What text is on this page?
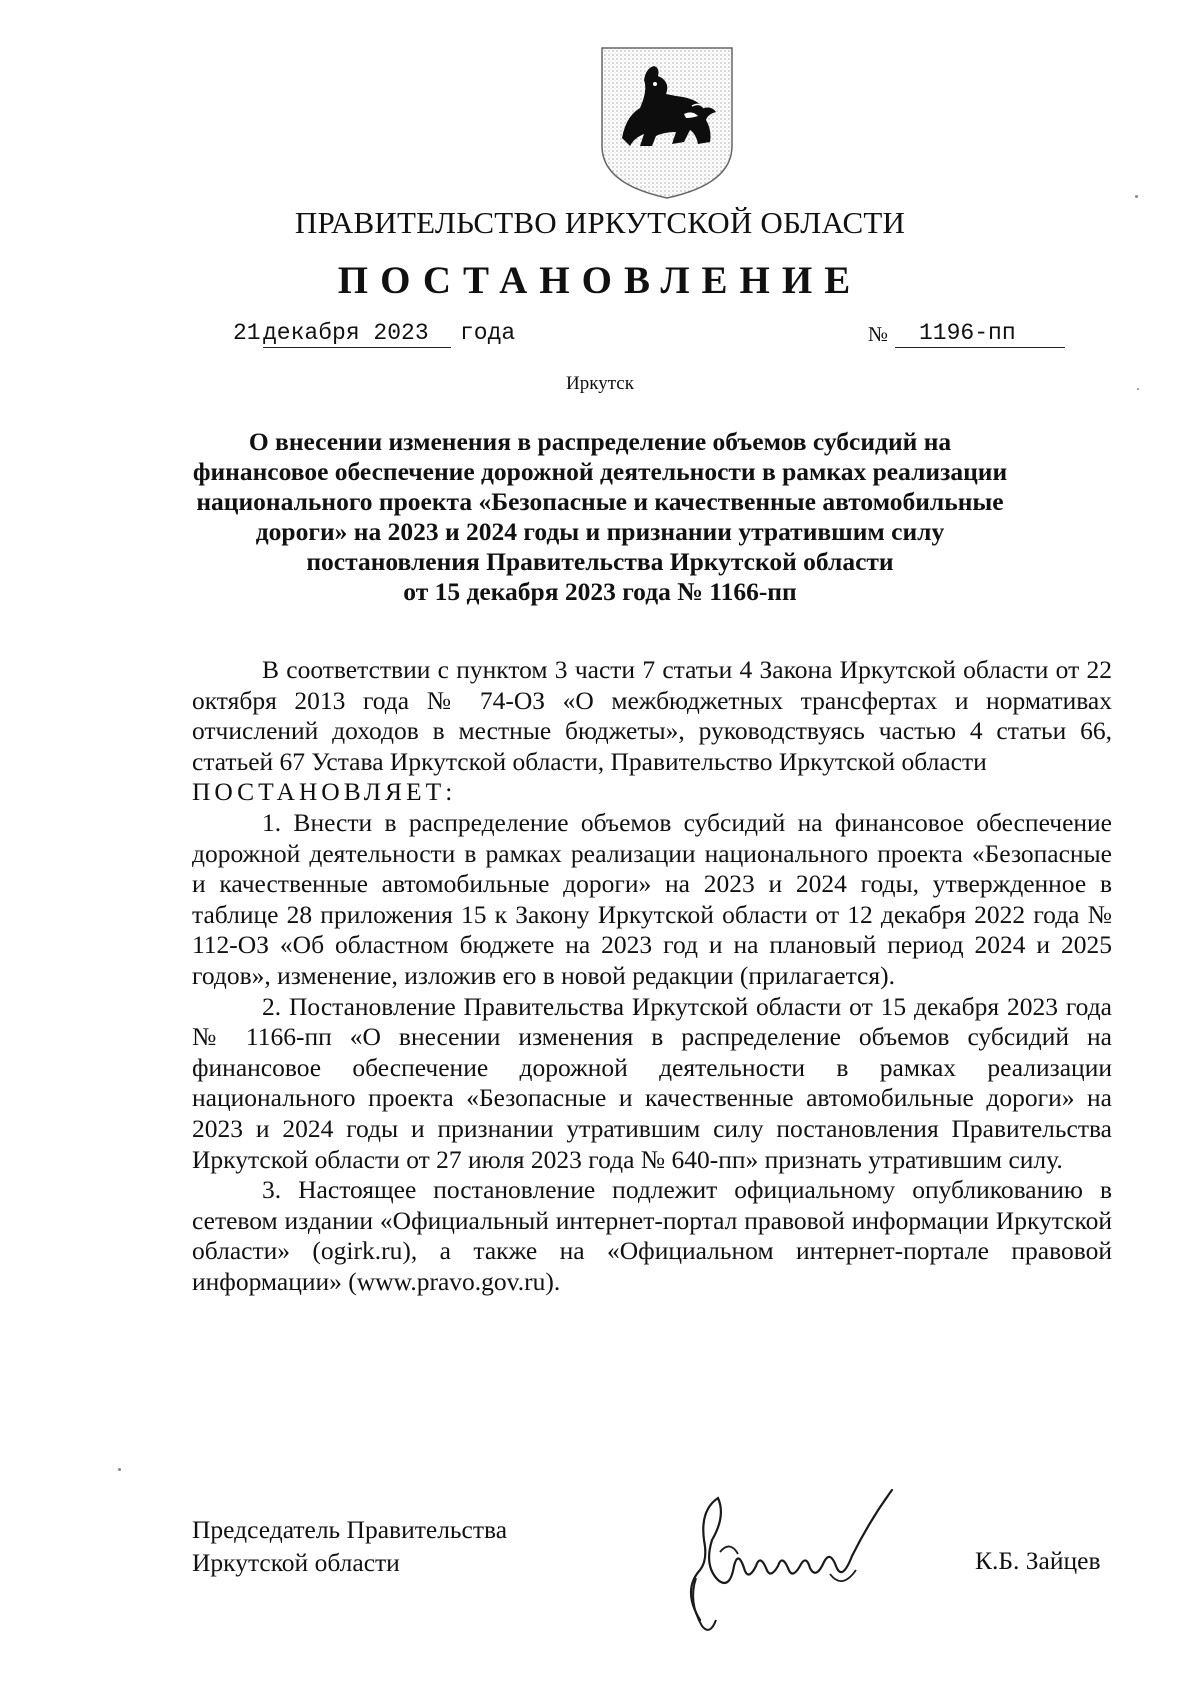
ПРАВИТЕЛЬСТВО ИРКУТСКОЙ ОБЛАСТИ
ПОСТАНОВЛЕНИЕ
21 декабря 2023	года	№	1196-пп
Иркутск
О внесении изменения в распределение объемов субсидий на
финансовое обеспечение дорожной деятельности в рамках реализации
национального проекта «Безопасные и качественные автомобильные
дороги» на 2023 и 2024 годы и признании утратившим силу
постановления Правительства Иркутской области
от 15 декабря 2023 года № 1166-пп

В соответствии с пунктом 3 части 7 статьи 4 Закона Иркутской области от 22 октября 2013 года № 74-ОЗ «О межбюджетных трансфертах и нормативах отчислений доходов в местные бюджеты», руководствуясь частью 4 статьи 66, статьей 67 Устава Иркутской области, Правительство Иркутской области

ПОСТАНОВЛЯЕТ:

1. Внести в распределение объемов субсидий на финансовое обеспечение дорожной деятельности в рамках реализации национального проекта «Безопасные и качественные автомобильные дороги» на 2023 и 2024 годы, утвержденное в таблице 28 приложения 15 к Закону Иркутской области от 12 декабря 2022 года № 112-ОЗ «Об областном бюджете на 2023 год и на плановый период 2024 и 2025 годов», изменение, изложив его в новой редакции (прилагается).

2. Постановление Правительства Иркутской области от 15 декабря 2023 года № 1166-пп «О внесении изменения в распределение объемов субсидий на финансовое обеспечение дорожной деятельности в рамках реализации национального проекта «Безопасные и качественные автомобильные дороги» на 2023 и 2024 годы и признании утратившим силу постановления Правительства Иркутской области от 27 июля 2023 года № 640-пп» признать утратившим силу.

3. Настоящее постановление подлежит официальному опубликованию в сетевом издании «Официальный интернет-портал правовой информации Иркутской области» (ogirk.ru), а также на «Официальном интернет-портале правовой информации» (www.pravo.gov.ru).

Председатель Правительства
Иркутской области	К.Б. Зайцев
